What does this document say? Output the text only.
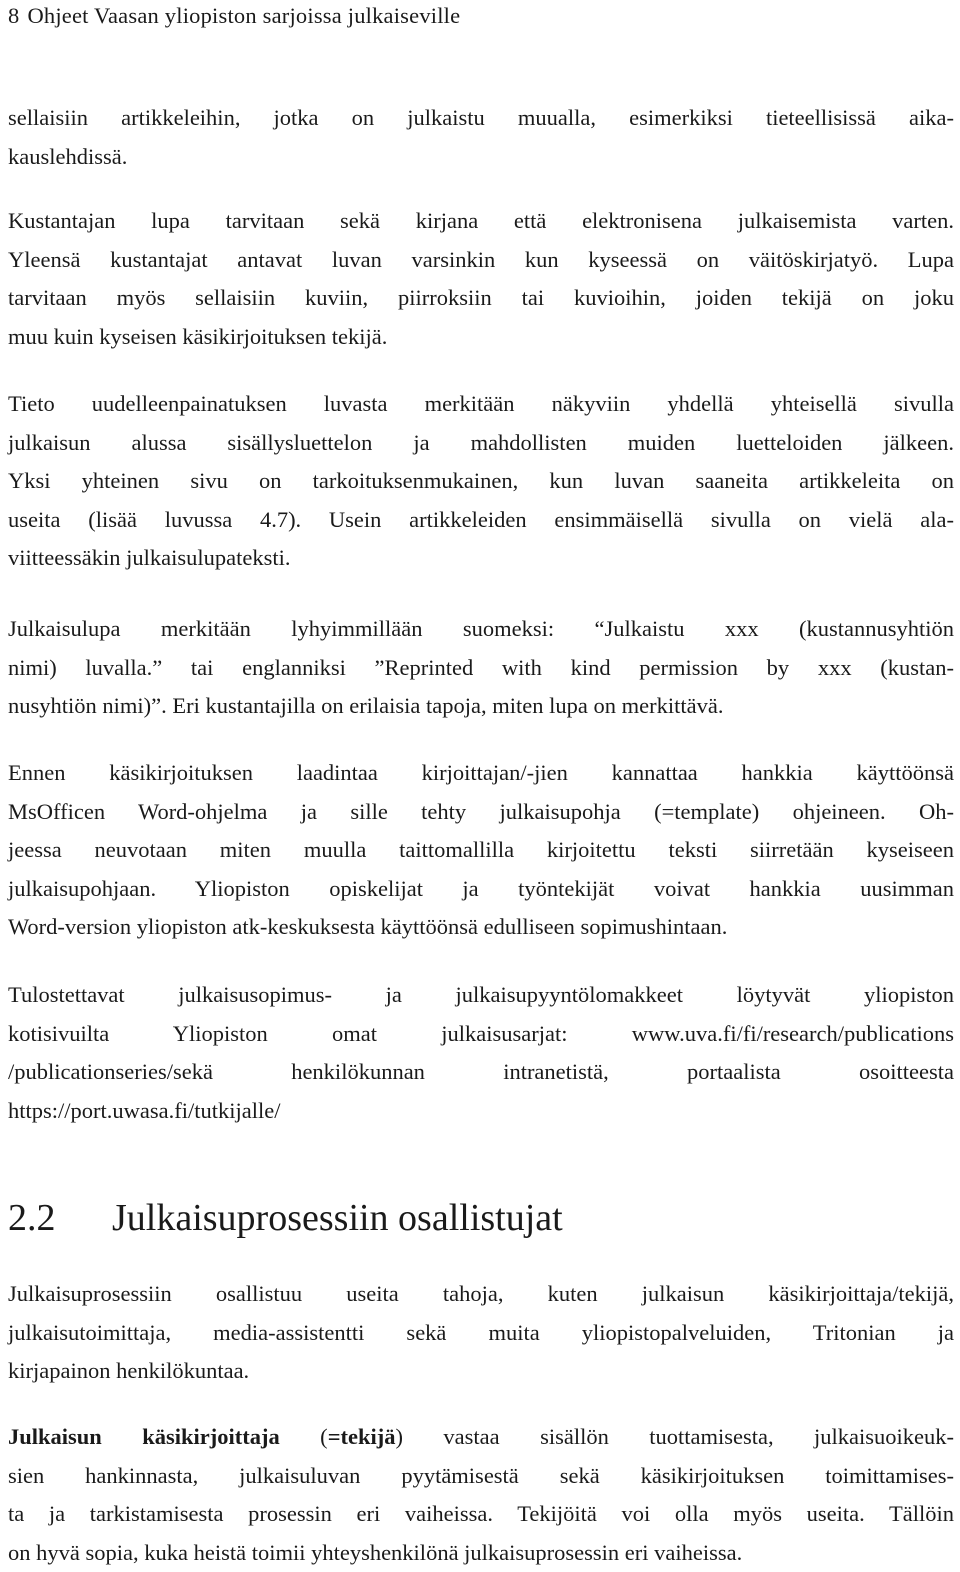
8 Ohjeet Vaasan yliopiston sarjoissa julkaiseville

sellaisiin artikkeleihin, jotka on julkaistu muualla, esimerkiksi tieteellisissä aika-
kauslehdissä.

Kustantajan lupa tarvitaan sekä kirjana että elektronisena julkaisemista varten.
Yleensä kustantajat antavat luvan varsinkin kun kyseessä on väitöskirjatyö. Lupa
tarvitaan myös sellaisiin kuviin, piirroksiin tai kuvioihin, joiden tekijä on joku
muu kuin kyseisen käsikirjoituksen tekijä.

Tieto uudelleenpainatuksen luvasta merkitään näkyviin yhdellä yhteisellä sivulla
julkaisun alussa sisällysluettelon ja mahdollisten muiden luetteloiden jälkeen.
Yksi yhteinen sivu on tarkoituksenmukainen, kun luvan saaneita artikkeleita on
useita (lisää luvussa 4.7). Usein artikkeleiden ensimmäisellä sivulla on vielä ala-
viitteessäkin julkaisulupateksti.

Julkaisulupa merkitään lyhyimmillään suomeksi: “Julkaistu xxx (kustannusyhtiön
nimi) luvalla.” tai englanniksi ”Reprinted with kind permission by xxx (kustan-
nusyhtiön nimi)”. Eri kustantajilla on erilaisia tapoja, miten lupa on merkittävä.

Ennen käsikirjoituksen laadintaa kirjoittajan/-jien kannattaa hankkia käyttöönsä
MsOfficen Word-ohjelma ja sille tehty julkaisupohja (=template) ohjeineen. Oh-
jeessa neuvotaan miten muulla taittomallilla kirjoitettu teksti siirretään kyseiseen
julkaisupohjaan. Yliopiston opiskelijat ja työntekijät voivat hankkia uusimman
Word-version yliopiston atk-keskuksesta käyttöönsä edulliseen sopimushintaan.

Tulostettavat julkaisusopimus- ja julkaisupyyntölomakkeet löytyvät yliopiston
kotisivuilta Yliopiston omat julkaisusarjat: www.uva.fi/fi/research/publications
/publicationseries/sekä henkilökunnan intranetistä, portaalista osoitteesta
https://port.uwasa.fi/tutkijalle/

2.2 Julkaisuprosessiin osallistujat

Julkaisuprosessiin osallistuu useita tahoja, kuten julkaisun käsikirjoittaja/tekijä,
julkaisutoimittaja, media-assistentti sekä muita yliopistopalveluiden, Tritonian ja
kirjapainon henkilökuntaa.

Julkaisun käsikirjoittaja (=tekijä) vastaa sisällön tuottamisesta, julkaisuoikeuk-
sien hankinnasta, julkaisuluvan pyytämisestä sekä käsikirjoituksen toimittamises-
ta ja tarkistamisesta prosessin eri vaiheissa. Tekijöitä voi olla myös useita. Tällöin
on hyvä sopia, kuka heistä toimii yhteyshenkilönä julkaisuprosessin eri vaiheissa.
